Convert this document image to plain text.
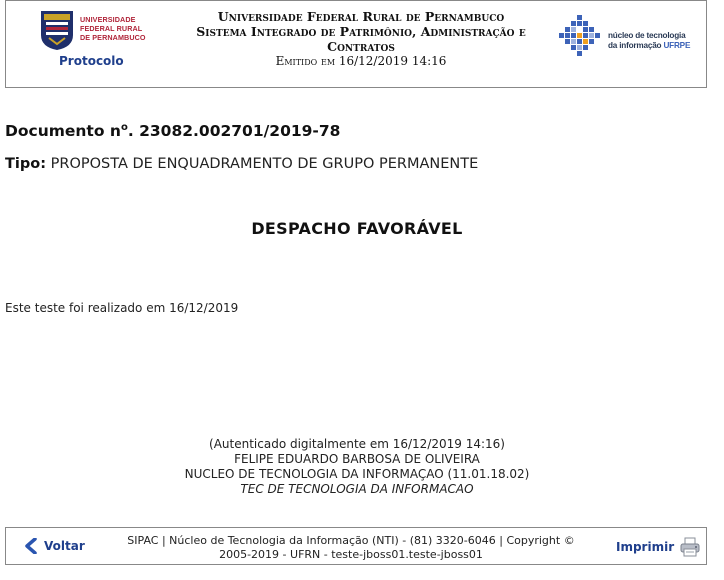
UNIVERSIDADE
FEDERAL RURAL
DE PERNAMBUCO
Protocolo
Universidade Federal Rural de Pernambuco
Sistema Integrado de Patrimônio, Administração e Contratos
Emitido em 16/12/2019 14:16
núcleo de tecnologia
da informação UFRPE
Documento $n^o$. 23082.002701/2019-78
Tipo: PROPOSTA DE ENQUADRAMENTO DE GRUPO PERMANENTE
DESPACHO FAVORÁVEL
Este teste foi realizado em 16/12/2019
(Autenticado digitalmente em 16/12/2019 14:16)
FELIPE EDUARDO BARBOSA DE OLIVEIRA
NUCLEO DE TECNOLOGIA DA INFORMAÇAO (11.01.18.02)
TEC DE TECNOLOGIA DA INFORMACAO
Voltar	SIPAC | Núcleo de Tecnologia da Informação (NTI) - (81) 3320-6046 | Copyright ©
2005-2019 - UFRN - teste-jboss01.teste-jboss01
Imprimir
